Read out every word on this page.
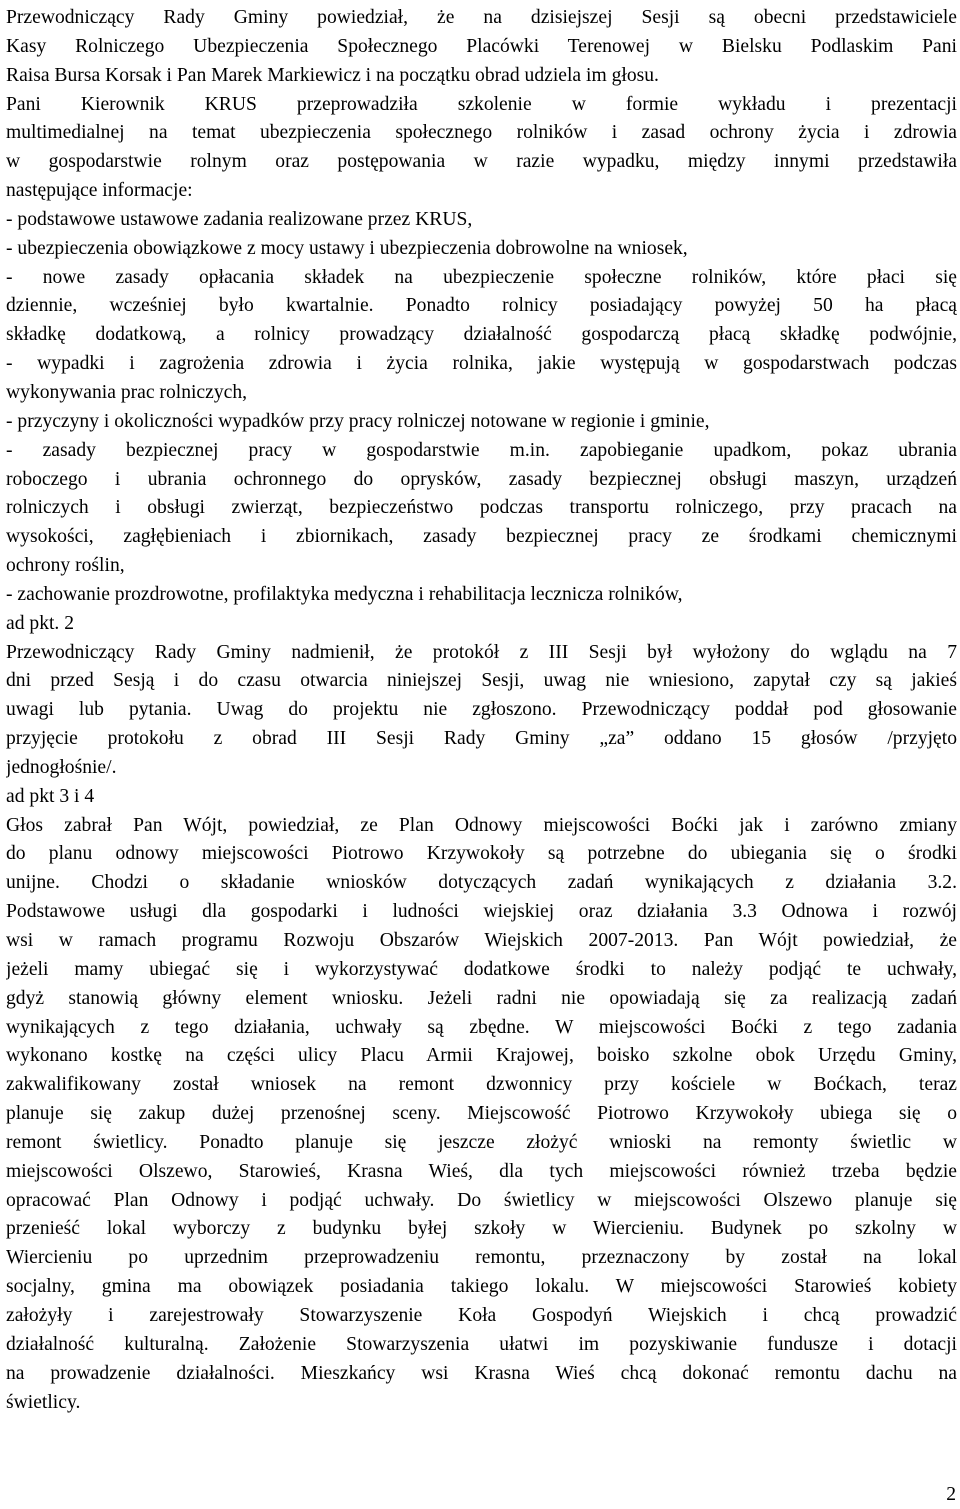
Przewodniczący Rady Gminy powiedział, że na dzisiejszej Sesji są obecni przedstawiciele
Kasy Rolniczego Ubezpieczenia Społecznego Placówki Terenowej w Bielsku Podlaskim Pani
Raisa Bursa Korsak i Pan Marek Markiewicz i na początku obrad udziela im głosu.
Pani Kierownik KRUS przeprowadziła szkolenie w formie wykładu i prezentacji
multimedialnej na temat ubezpieczenia społecznego rolników i zasad ochrony życia i zdrowia
w gospodarstwie rolnym oraz postępowania w razie wypadku, między innymi przedstawiła
następujące informacje:
- podstawowe ustawowe zadania realizowane przez KRUS,
- ubezpieczenia obowiązkowe z mocy ustawy i ubezpieczenia dobrowolne na wniosek,
- nowe zasady opłacania składek na ubezpieczenie społeczne rolników, które płaci się
dziennie, wcześniej było kwartalnie. Ponadto rolnicy posiadający powyżej 50 ha płacą
składkę dodatkową, a rolnicy prowadzący działalność gospodarczą płacą składkę podwójnie,
- wypadki i zagrożenia zdrowia i życia rolnika, jakie występują w gospodarstwach podczas
wykonywania prac rolniczych,
- przyczyny i okoliczności wypadków przy pracy rolniczej notowane w regionie i gminie,
- zasady bezpiecznej pracy w gospodarstwie m.in. zapobieganie upadkom, pokaz ubrania
roboczego i ubrania ochronnego do oprysków, zasady bezpiecznej obsługi maszyn, urządzeń
rolniczych i obsługi zwierząt, bezpieczeństwo podczas transportu rolniczego, przy pracach na
wysokości, zagłębieniach i zbiornikach, zasady bezpiecznej pracy ze środkami chemicznymi
ochrony roślin,
- zachowanie prozdrowotne, profilaktyka medyczna i rehabilitacja lecznicza rolników,
ad pkt. 2
Przewodniczący Rady Gminy nadmienił, że protokół z III Sesji był wyłożony do wglądu na 7
dni przed Sesją i do czasu otwarcia niniejszej Sesji, uwag nie wniesiono, zapytał czy są jakieś
uwagi lub pytania. Uwag do projektu nie zgłoszono. Przewodniczący poddał pod głosowanie
przyjęcie protokołu z obrad III Sesji Rady Gminy „za” oddano 15 głosów /przyjęto
jednogłośnie/.
ad pkt 3 i 4
Głos zabrał Pan Wójt, powiedział, ze Plan Odnowy miejscowości Boćki jak i zarówno zmiany
do planu odnowy miejscowości Piotrowo Krzywokoły są potrzebne do ubiegania się o środki
unijne. Chodzi o składanie wniosków dotyczących zadań wynikających z działania 3.2.
Podstawowe usługi dla gospodarki i ludności wiejskiej oraz działania 3.3 Odnowa i rozwój
wsi w ramach programu Rozwoju Obszarów Wiejskich 2007-2013. Pan Wójt powiedział, że
jeżeli mamy ubiegać się i wykorzystywać dodatkowe środki to należy podjąć te uchwały,
gdyż stanowią główny element wniosku. Jeżeli radni nie opowiadają się za realizacją zadań
wynikających z tego działania, uchwały są zbędne. W miejscowości Boćki z tego zadania
wykonano kostkę na części ulicy Placu Armii Krajowej, boisko szkolne obok Urzędu Gminy,
zakwalifikowany został wniosek na remont dzwonnicy przy kościele w Boćkach, teraz
planuje się zakup dużej przenośnej sceny. Miejscowość Piotrowo Krzywokoły ubiega się o
remont świetlicy. Ponadto planuje się jeszcze złożyć wnioski na remonty świetlic w
miejscowości Olszewo, Starowieś, Krasna Wieś, dla tych miejscowości również trzeba będzie
opracować Plan Odnowy i podjąć uchwały. Do świetlicy w miejscowości Olszewo planuje się
przenieść lokal wyborczy z budynku byłej szkoły w Wiercieniu. Budynek po szkolny w
Wiercieniu po uprzednim przeprowadzeniu remontu, przeznaczony by został na lokal
socjalny, gmina ma obowiązek posiadania takiego lokalu. W miejscowości Starowieś kobiety
założyły i zarejestrowały Stowarzyszenie Koła Gospodyń Wiejskich i chcą prowadzić
działalność kulturalną. Założenie Stowarzyszenia ułatwi im pozyskiwanie fundusze i dotacji
na prowadzenie działalności. Mieszkańcy wsi Krasna Wieś chcą dokonać remontu dachu na
świetlicy.
2
